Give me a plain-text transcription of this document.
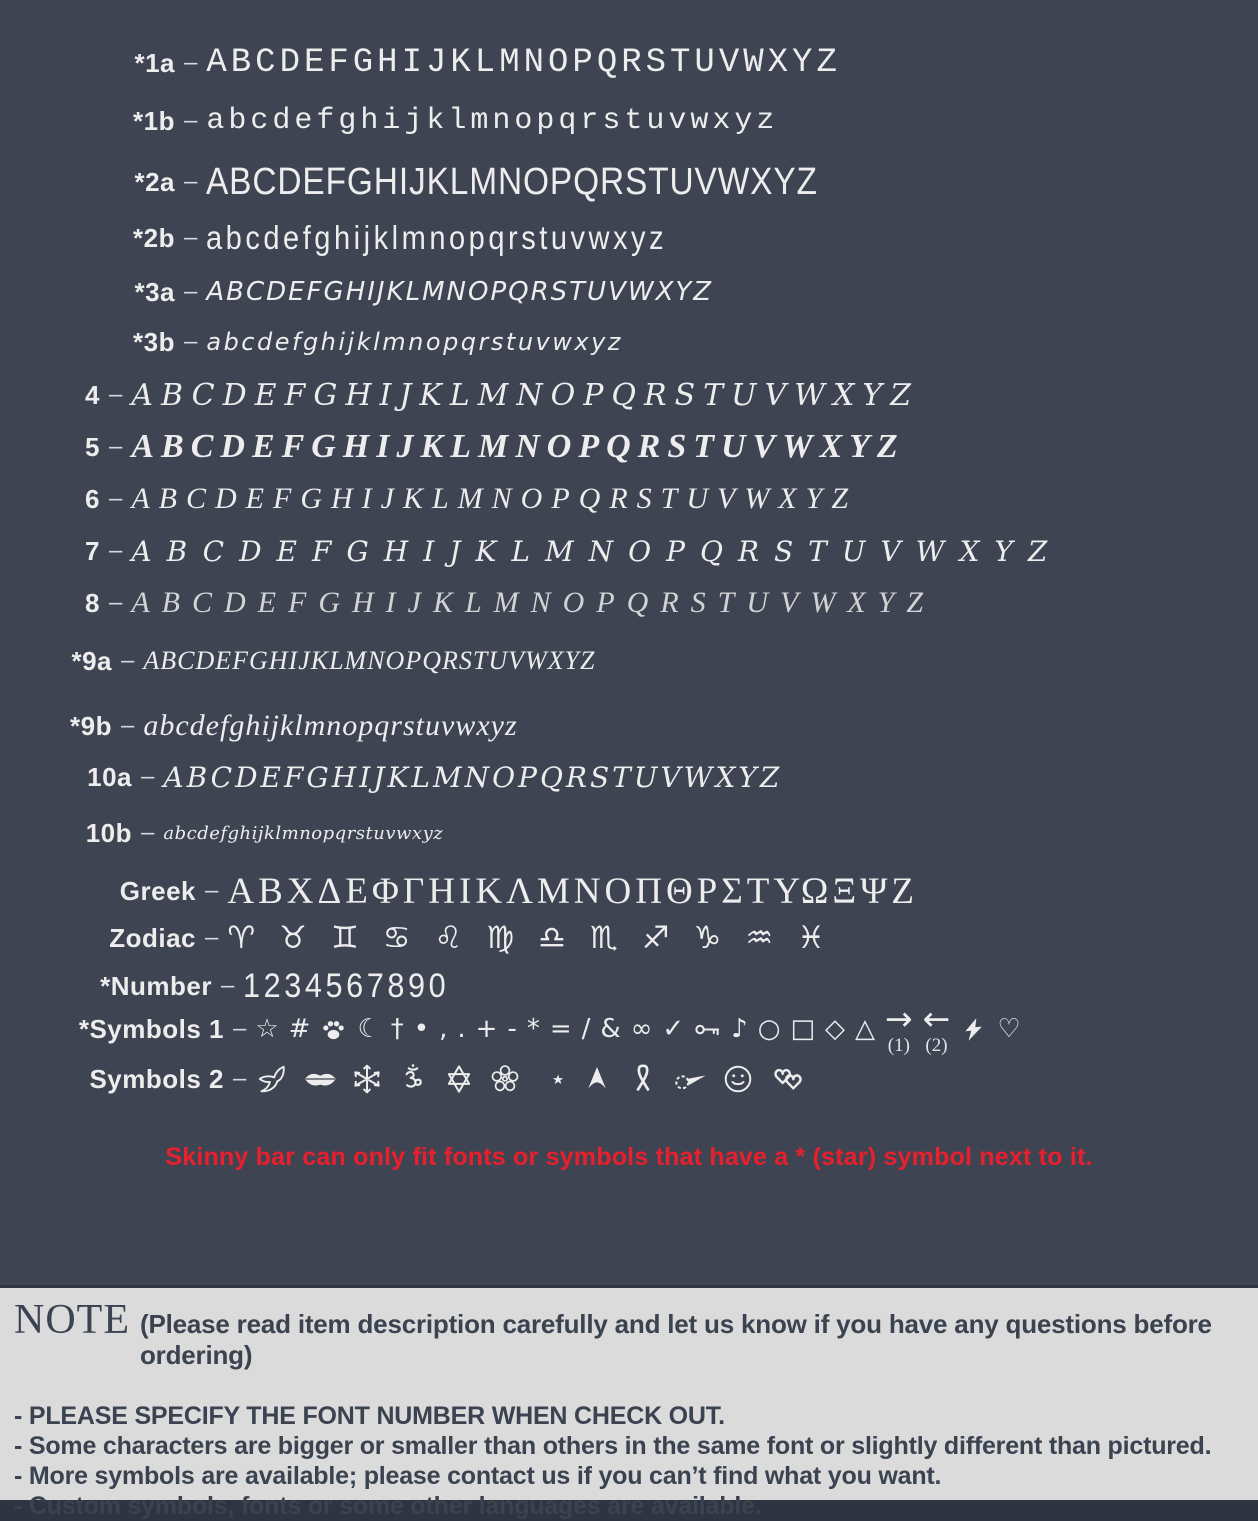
*1a – ABCDEFGHIJKLMNOPQRSTUVWXYZ
*1b – abcdefghijklmnopqrstuvwxyz
*2a – ABCDEFGHIJKLMNOPQRSTUVWXYZ
*2b – abcdefghijklmnopqrstuvwxyz
*3a – ABCDEFGHIJKLMNOPQRSTUVWXYZ
*3b – abcdefghijklmnopqrstuvwxyz
4 – ABCDEFGHIJKLMNOPQRSTUVWXYZ
5 – ABCDEFGHIJKLMNOPQRSTUVWXYZ
6 – ABCDEFGHIJKLMNOPQRSTUVWXYZ
7 – ABCDEFGHIJKLMNOPQRSTUVWXYZ
8 – ABCDEFGHIJKLMNOPQRSTUVWXYZ
*9a – ABCDEFGHIJKLMNOPQRSTUVWXYZ
*9b – abcdefghijklmnopqrstuvwxyz
10a – ABCDEFGHIJKLMNOPQRSTUVWXYZ
10b – abcdefghijklmnopqrstuvwxyz
Greek – ΑΒΧΔΕΦΓΗΙΚΛΜΝΟΠΘΡΣΤΥΩΞΨΖ
Zodiac – ♈ ♉ ♊ ♋ ♌ ♍ ♎ ♏ ♐ ♑ ♒ ♓
*Number – 1234567890
*Symbols 1 – ☆ # ☾ † • , . + - * = / & ∞ ✓ ♪ ○ □ ◇ △ →
(1)
←
(2)
♡
Symbols 2 –
Skinny bar can only fit fonts or symbols that have a * (star) symbol next to it.
NOTE (Please read item description carefully and let us know if you have any questions before ordering)
- PLEASE SPECIFY THE FONT NUMBER WHEN CHECK OUT.
- Some characters are bigger or smaller than others in the same font or slightly different than pictured.
- More symbols are available; please contact us if you can’t find what you want.
- Custom symbols, fonts or some other languages are available.
